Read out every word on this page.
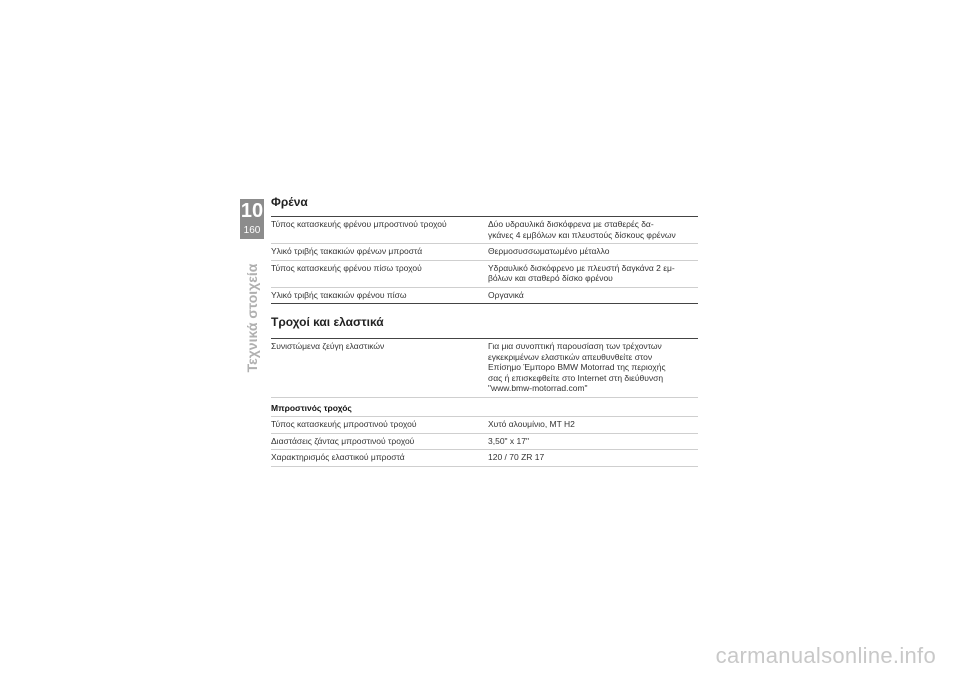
10
160
Τεχνικά στοιχεία
Φρένα
Τύπος κατασκευής φρένου μπροστινού τροχού	Δύο υδραυλικά δισκόφρενα με σταθερές δα-
γκάνες 4 εμβόλων και πλευστούς δίσκους φρένων

Υλικό τριβής τακακιών φρένων μπροστά	Θερμοσυσσωματωμένο μέταλλο

Τύπος κατασκευής φρένου πίσω τροχού	Υδραυλικό δισκόφρενο με πλευστή δαγκάνα 2 εμ-
βόλων και σταθερό δίσκο φρένου

Υλικό τριβής τακακιών φρένου πίσω	Οργανικά
Τροχοί και ελαστικά
Συνιστώμενα ζεύγη ελαστικών	Για μια συνοπτική παρουσίαση των τρέχοντων
εγκεκριμένων ελαστικών απευθυνθείτε στον
Επίσημο Έμπορο BMW Motorrad της περιοχής
σας ή επισκεφθείτε στο Internet στη διεύθυνση
"www.bmw-motorrad.com"

Μπροστινός τροχός	
Τύπος κατασκευής μπροστινού τροχού	Χυτό αλουμίνιο, MT H2
Διαστάσεις ζάντας μπροστινού τροχού	3,50" x 17"
Χαρακτηρισμός ελαστικού μπροστά	120 / 70 ZR 17
carmanualsonline.info
